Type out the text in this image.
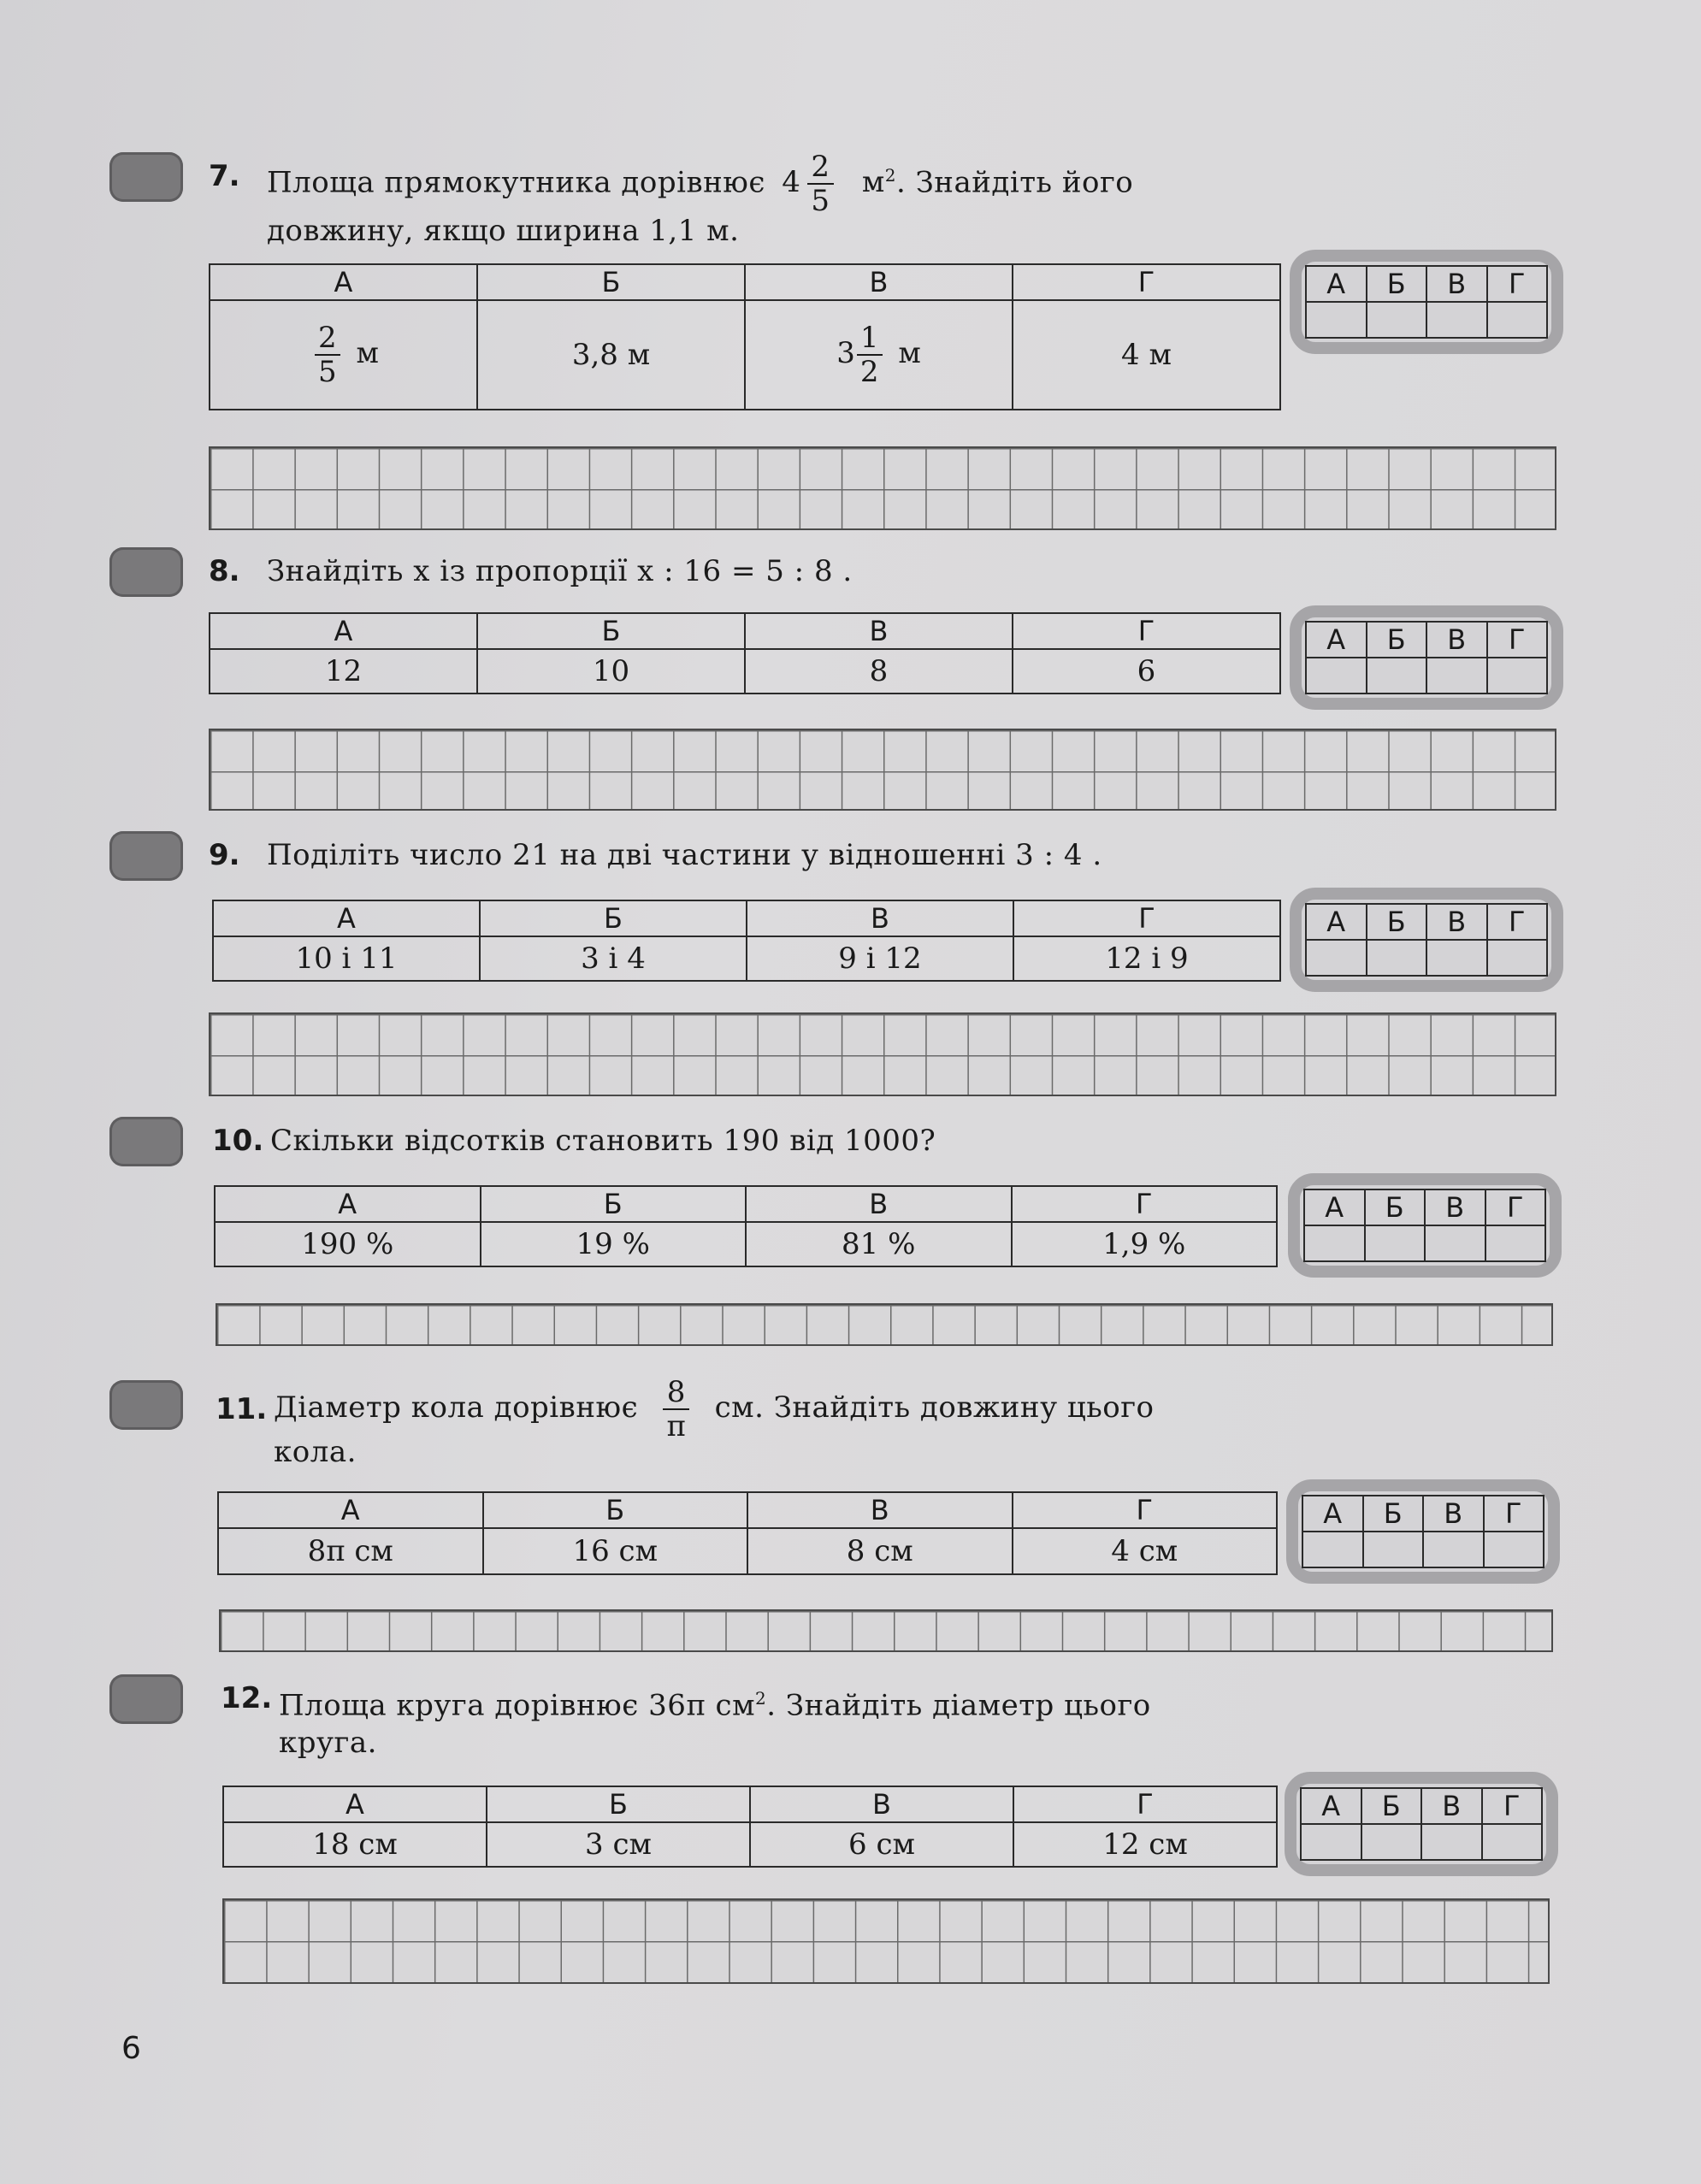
7. Площа прямокутника дорівнює $4 \frac{2}{5} м^2$. Знайдіть його
довжину, якщо ширина 1,1 м.
А	Б	В	Г

$\frac{2}{5}$ м	3,8 м	$3 \frac{1}{2}$ м	4 м
А	Б	В	Г

8. Знайдіть x із пропорції x : 16 = 5 : 8 .
А	Б	В	Г
12	10	8	6
А	Б	В	Г

9. Поділіть число 21 на дві частини у відношенні 3 : 4 .
А	Б	В	Г
10 і 11	3 і 4	9 і 12	12 і 9
А	Б	В	Г

10. Скільки відсотків становить 190 від 1000?
А	Б	В	Г
190 %	19 %	81 %	1,9 %
А	Б	В	Г

11. Діаметр кола дорівнює $\frac{8}{\pi}$ см. Знайдіть довжину цього
кола.
А	Б	В	Г
8π см	16 см	8 см	4 см
А	Б	В	Г

12. Площа круга дорівнює 36π $см^2$. Знайдіть діаметр цього
круга.
А	Б	В	Г
18 см	3 см	6 см	12 см
А	Б	В	Г

6
